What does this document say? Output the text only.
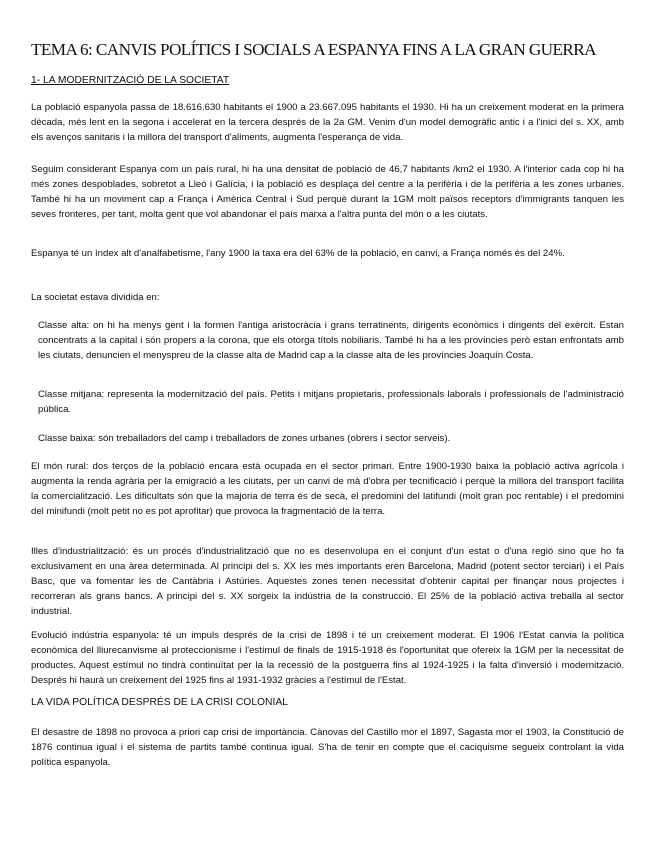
TEMA 6: CANVIS POLÍTICS I SOCIALS A ESPANYA FINS A LA GRAN GUERRA
1- LA MODERNITZACIÓ DE LA SOCIETAT

La població espanyola passa de 18.616.630 habitants el 1900 a 23.667.095 habitants el 1930. Hi ha un creixement moderat en la primera dècada, més lent en la segona i accelerat en la tercera després de la 2a GM. Venim d'un model demogràfic antic i a l'inici del s. XX, amb els avenços sanitaris i la millora del transport d'aliments, augmenta l'esperança de vida.

Seguim considerant Espanya com un país rural, hi ha una densitat de població de 46,7 habitants /km2 el 1930. A l'interior cada cop hi ha més zones despoblades, sobretot a Lleó i Galícia, i la població es desplaça del centre a la perifèria i de la perifèria a les zones urbanes. També hi ha un moviment cap a França i Amèrica Central i Sud perquè durant la 1GM molt països receptors d'immigrants tanquen les seves fronteres, per tant, molta gent que vol abandonar el país marxa a l'altra punta del món o a les ciutats.

Espanya té un índex alt d'analfabetisme, l'any 1900 la taxa era del 63% de la població, en canvi, a França només és del 24%.

La societat estava dividida en:

Classe alta: on hi ha menys gent i la formen l'antiga aristocràcia i grans terratinents, dirigents econòmics i dirigents del exèrcit. Estan concentrats a la capital i són propers a la corona, que els otorga títols nobiliaris. També hi ha a les províncies però estan enfrontats amb les ciutats, denuncien el menyspreu de la classe alta de Madrid cap a la classe alta de les províncies Joaquín Costa.

Classe mitjana: representa la modernització del país. Petits i mitjans propietaris, professionals laborals i professionals de l'administració pública.

Classe baixa: són treballadors del camp i treballadors de zones urbanes (obrers i sector serveis).

El món rural: dos terços de la població encara està ocupada en el sector primari. Entre 1900-1930 baixa la població activa agrícola i augmenta la renda agrària per la emigració a les ciutats, per un canvi de mà d'obra per tecnificació i perquè la millora del transport facilita la comercialització. Les dificultats són que la majoria de terra és de secà, el predomini del latifundi (molt gran poc rentable) i el predomini del minifundi (molt petit no es pot aprofitar) que provoca la fragmentació de la terra.

Illes d'industrialització: és un procés d'industrialització que no es desenvolupa en el conjunt d'un estat o d'una regió sino que ho fa exclusivament en una àrea determinada. Al principi del s. XX les més importants eren Barcelona, Madrid (potent sector terciari) i el País Basc, que va fomentar les de Cantàbria i Astúries. Aquestes zones tenen necessitat d'obtenir capital per finançar nous projectes i recorreran als grans bancs. A principi del s. XX sorgeix la indústria de la construcció. El 25% de la població activa treballa al sector industrial.

Evolució indústria espanyola: té un impuls després de la crisi de 1898 i té un creixement moderat. El 1906 l'Estat canvia la política econòmica del lliurecanvisme al proteccionisme i l'estímul de finals de 1915-1918 és l'oportunitat que ofereix la 1GM per la necessitat de productes. Aquest estímul no tindrà continuïtat per la la recessió de la postguerra fins al 1924-1925 i la falta d'inversió i modernització. Després hi haurà un creixement del 1925 fins al 1931-1932 gràcies a l'estímul de l'Estat.

LA VIDA POLÍTICA DESPRÉS DE LA CRISI COLONIAL

El desastre de 1898 no provoca a priori cap crisi de importància. Cànovas del Castillo mor el 1897, Sagasta mor el 1903, la Constitució de 1876 continua igual i el sistema de partits també continua igual. S'ha de tenir en compte que el caciquisme segueix controlant la vida política espanyola.
